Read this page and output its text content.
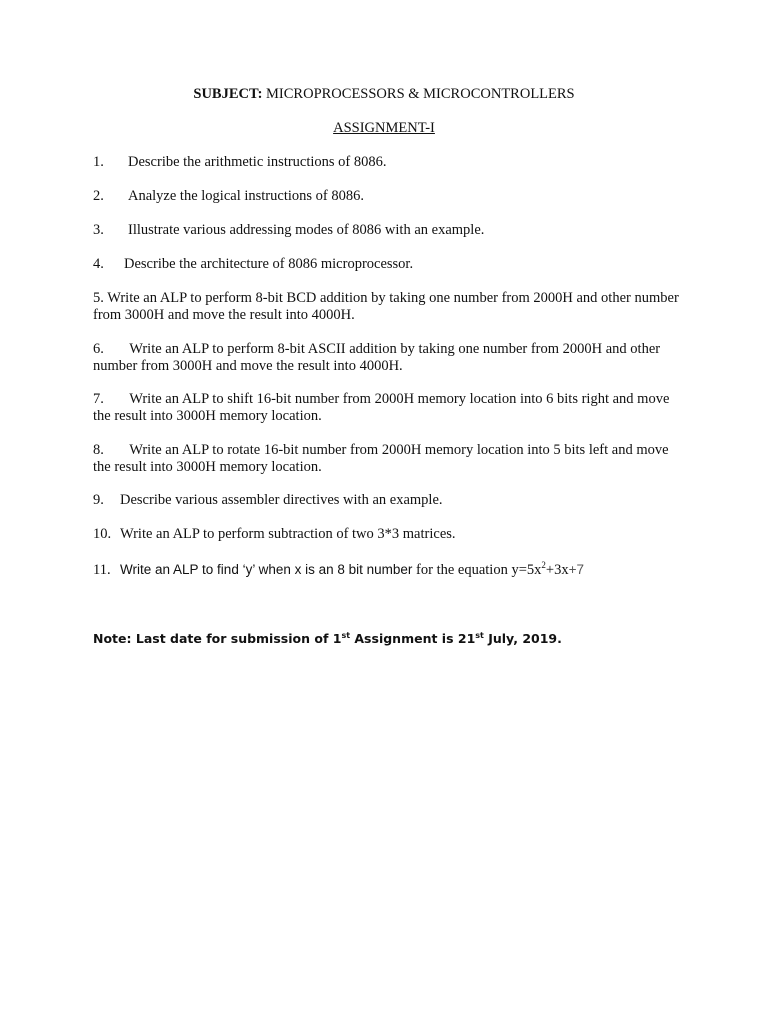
SUBJECT: MICROPROCESSORS & MICROCONTROLLERS
ASSIGNMENT-I
1. Describe the arithmetic instructions of 8086.
2. Analyze the logical instructions of 8086.
3. Illustrate various addressing modes of 8086 with an example.
4. Describe the architecture of 8086 microprocessor.
5. Write an ALP to perform 8-bit BCD addition by taking one number from 2000H and other number from 3000H and move the result into 4000H.
6. Write an ALP to perform 8-bit ASCII addition by taking one number from 2000H and other number from 3000H and move the result into 4000H.
7. Write an ALP to shift 16-bit number from 2000H memory location into 6 bits right and move the result into 3000H memory location.
8. Write an ALP to rotate 16-bit number from 2000H memory location into 5 bits left and move the result into 3000H memory location.
9. Describe various assembler directives with an example.
10. Write an ALP to perform subtraction of two 3*3 matrices.
11. Write an ALP to find ‘y’ when x is an 8 bit number for the equation $y=5x^2+3x+7$
Note: Last date for submission of 1st Assignment is 21st July, 2019.
